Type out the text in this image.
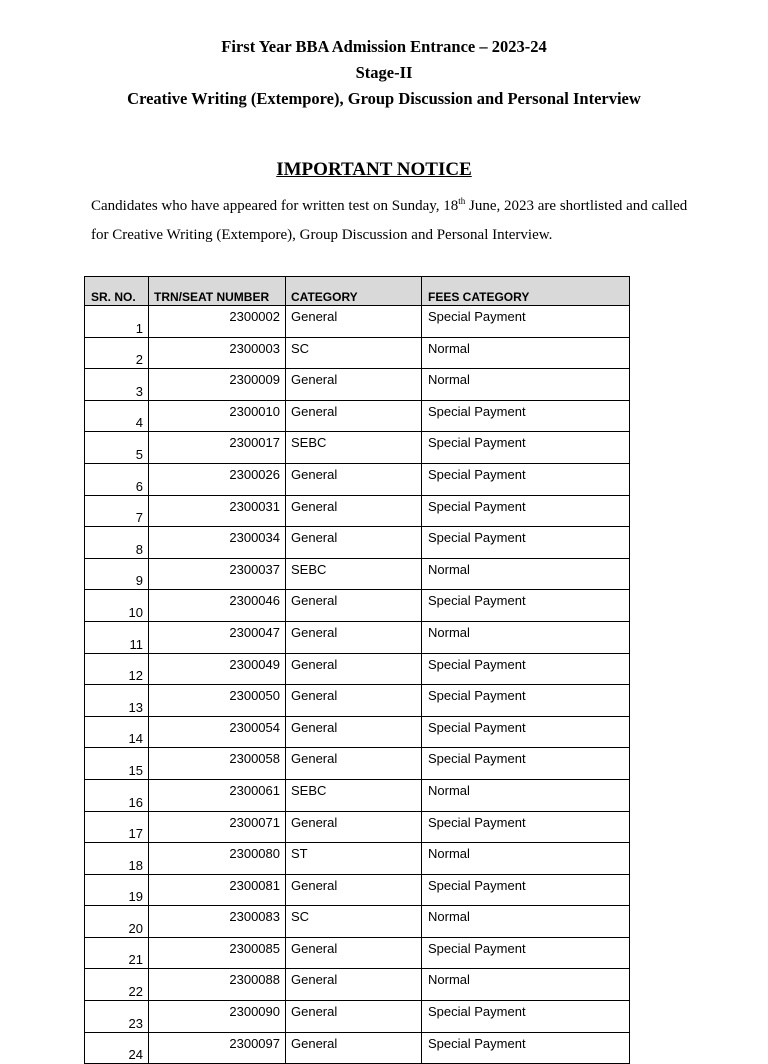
First Year BBA Admission Entrance – 2023-24
Stage-II
Creative Writing (Extempore), Group Discussion and Personal Interview
IMPORTANT NOTICE
Candidates who have appeared for written test on Sunday, 18th June, 2023 are shortlisted and called for Creative Writing (Extempore), Group Discussion and Personal Interview.
SR. NO.	TRN/SEAT NUMBER	CATEGORY	FEES CATEGORY
1	2300002	General	Special Payment
2	2300003	SC	Normal
3	2300009	General	Normal
4	2300010	General	Special Payment
5	2300017	SEBC	Special Payment
6	2300026	General	Special Payment
7	2300031	General	Special Payment
8	2300034	General	Special Payment
9	2300037	SEBC	Normal
10	2300046	General	Special Payment
11	2300047	General	Normal
12	2300049	General	Special Payment
13	2300050	General	Special Payment
14	2300054	General	Special Payment
15	2300058	General	Special Payment
16	2300061	SEBC	Normal
17	2300071	General	Special Payment
18	2300080	ST	Normal
19	2300081	General	Special Payment
20	2300083	SC	Normal
21	2300085	General	Special Payment
22	2300088	General	Normal
23	2300090	General	Special Payment
24	2300097	General	Special Payment
